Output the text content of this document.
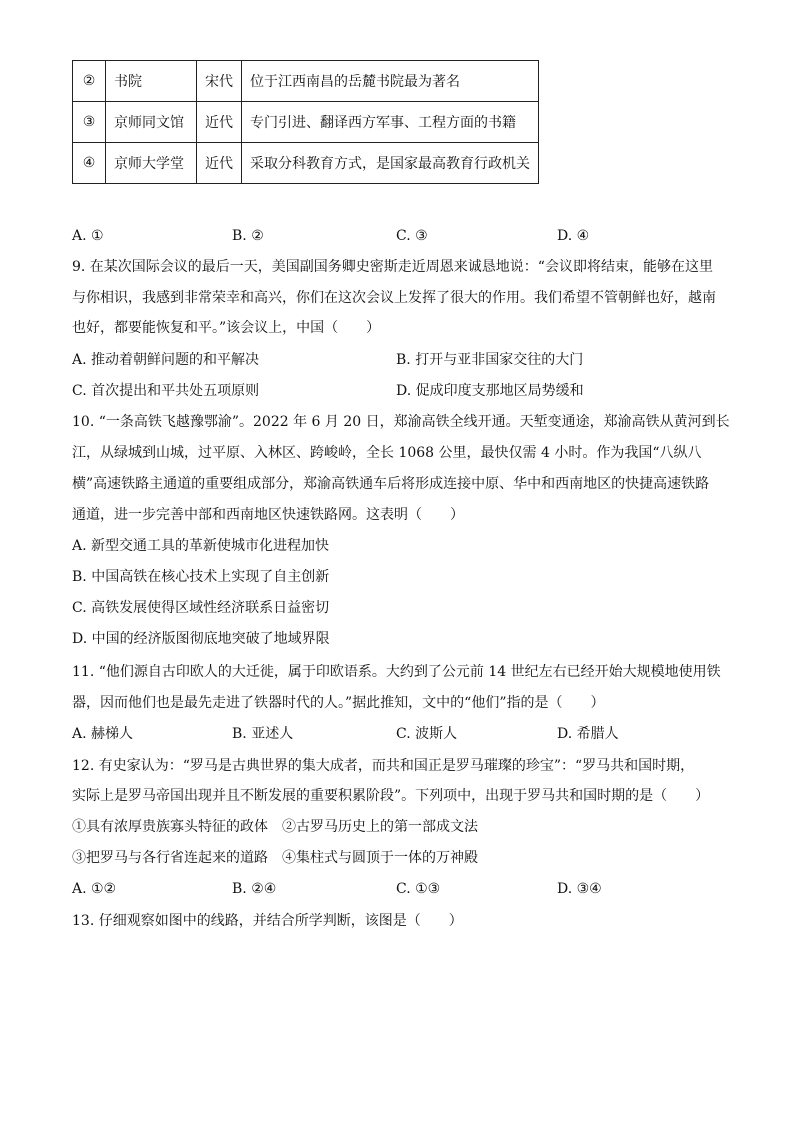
②	书院	宋代	位于江西南昌的岳麓书院最为著名
③	京师同文馆	近代	专门引进、翻译西方军事、工程方面的书籍
④	京师大学堂	近代	采取分科教育方式，是国家最高教育行政机关
A. ①	B. ②	C. ③	D. ④
9. 在某次国际会议的最后一天，美国副国务卿史密斯走近周恩来诚恳地说：“会议即将结束，能够在这里
与你相识，我感到非常荣幸和高兴，你们在这次会议上发挥了很大的作用。我们希望不管朝鲜也好，越南
也好，都要能恢复和平。”该会议上，中国（　　）
A. 推动着朝鲜问题的和平解决	B. 打开与亚非国家交往的大门
C. 首次提出和平共处五项原则	D. 促成印度支那地区局势缓和
10. “一条高铁飞越豫鄂渝”。2022 年 6 月 20 日，郑渝高铁全线开通。天堑变通途，郑渝高铁从黄河到长
江，从绿城到山城，过平原、入林区、跨峻岭，全长 1068 公里，最快仅需 4 小时。作为我国“八纵八
横”高速铁路主通道的重要组成部分，郑渝高铁通车后将形成连接中原、华中和西南地区的快捷高速铁路
通道，进一步完善中部和西南地区快速铁路网。这表明（　　）
A. 新型交通工具的革新使城市化进程加快
B. 中国高铁在核心技术上实现了自主创新
C. 高铁发展使得区域性经济联系日益密切
D. 中国的经济版图彻底地突破了地域界限
11. “他们源自古印欧人的大迁徙，属于印欧语系。大约到了公元前 14 世纪左右已经开始大规模地使用铁
器，因而他们也是最先走进了铁器时代的人。”据此推知，文中的“他们”指的是（　　）
A. 赫梯人	B. 亚述人	C. 波斯人	D. 希腊人
12. 有史家认为：“罗马是古典世界的集大成者，而共和国正是罗马璀璨的珍宝”：“罗马共和国时期，
实际上是罗马帝国出现并且不断发展的重要积累阶段”。下列项中，出现于罗马共和国时期的是（　　）
①具有浓厚贵族寡头特征的政体　②古罗马历史上的第一部成文法
③把罗马与各行省连起来的道路　④集柱式与圆顶于一体的万神殿
A. ①②	B. ②④	C. ①③	D. ③④
13. 仔细观察如图中的线路，并结合所学判断，该图是（　　）
